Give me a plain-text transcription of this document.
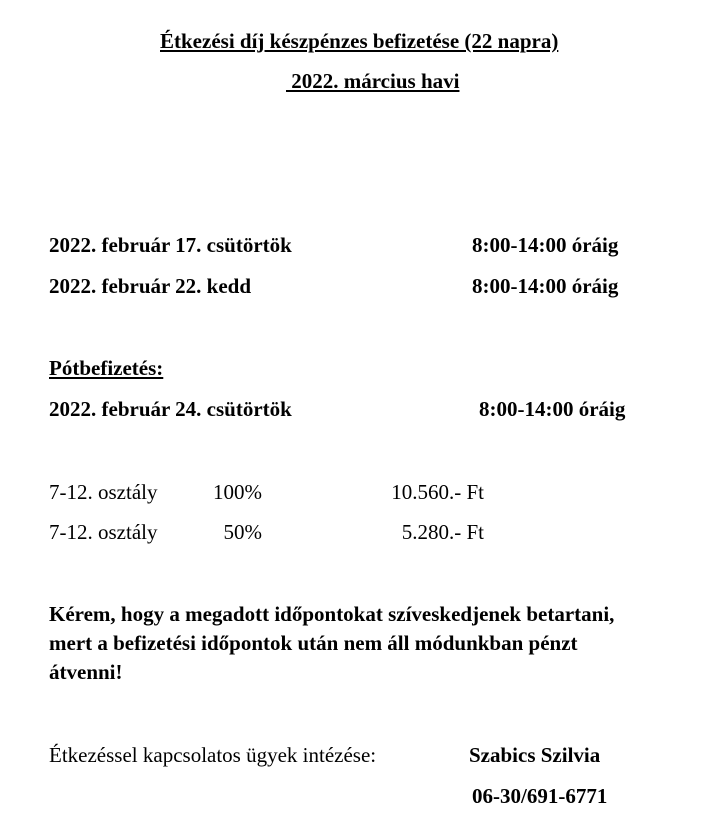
Étkezési díj készpénzes befizetése (22 napra)
2022. március havi
2022. február 17. csütörtök	8:00-14:00 óráig
2022. február 22. kedd	8:00-14:00 óráig
Pótbefizetés:
2022. február 24. csütörtök	8:00-14:00 óráig
7-12. osztály	100%	10.560.- Ft
7-12. osztály	50%	5.280.- Ft
Kérem, hogy a megadott időpontokat szíveskedjenek betartani,
mert a befizetési időpontok után nem áll módunkban pénzt
átvenni!
Étkezéssel kapcsolatos ügyek intézése:	Szabics Szilvia
06-30/691-6771
